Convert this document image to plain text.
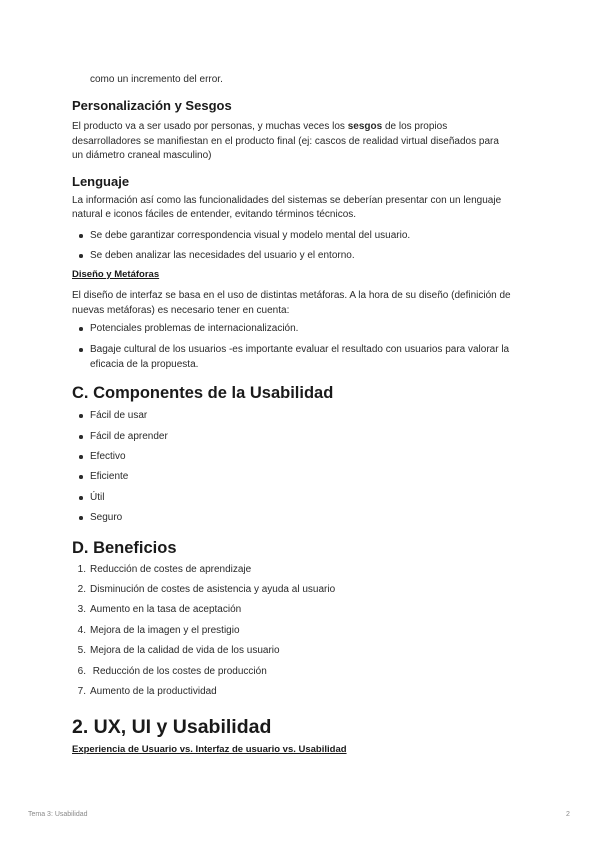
como un incremento del error.

Personalización y Sesgos

El producto va a ser usado por personas, y muchas veces los sesgos de los propios

desarrolladores se manifiestan en el producto final (ej: cascos de realidad virtual diseñados para

un diámetro craneal masculino)

Lenguaje

La información así como las funcionalidades del sistemas se deberían presentar con un lenguaje

natural e iconos fáciles de entender, evitando términos técnicos.

Se debe garantizar correspondencia visual y modelo mental del usuario.

Se deben analizar las necesidades del usuario y el entorno.

Diseño y Metáforas

El diseño de interfaz se basa en el uso de distintas metáforas. A la hora de su diseño (definición de

nuevas metáforas) es necesario tener en cuenta:

Potenciales problemas de internacionalización.

Bagaje cultural de los usuarios -es importante evaluar el resultado con usuarios para valorar la

eficacia de la propuesta.

C. Componentes de la Usabilidad

Fácil de usar

Fácil de aprender

Efectivo

Eficiente

Útil

Seguro

D. Beneficios
1. Reducción de costes de aprendizaje

2. Disminución de costes de asistencia y ayuda al usuario

3. Aumento en la tasa de aceptación

4. Mejora de la imagen y el prestigio

5. Mejora de la calidad de vida de los usuario

6. Reducción de los costes de producción

7. Aumento de la productividad

2. UX, UI y Usabilidad
Experiencia de Usuario vs. Interfaz de usuario vs. Usabilidad
Tema 3: Usabilidad	2
